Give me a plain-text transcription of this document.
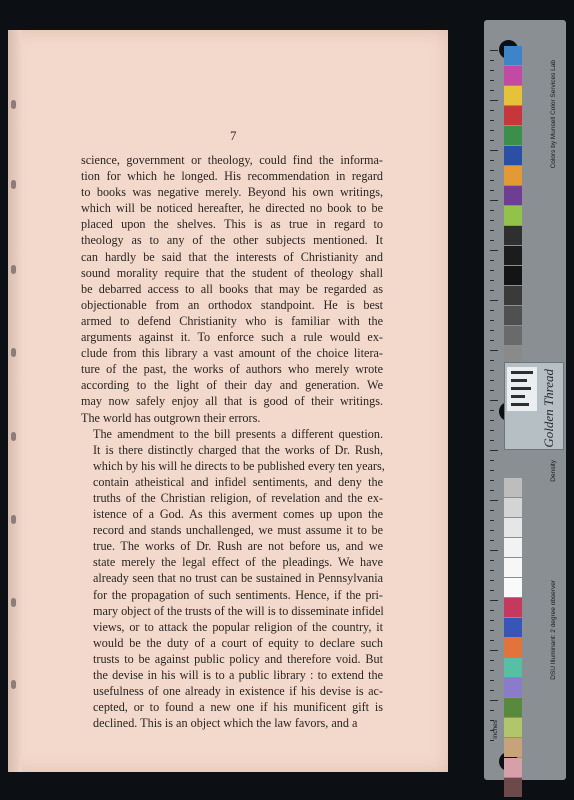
7

science, government or theology, could find the informa-
tion for which he longed. His recommendation in regard
to books was negative merely. Beyond his own writings,
which will be noticed hereafter, he directed no book to be
placed upon the shelves. This is as true in regard to
theology as to any of the other subjects mentioned. It
can hardly be said that the interests of Christianity and
sound morality require that the student of theology shall
be debarred access to all books that may be regarded as
objectionable from an orthodox standpoint. He is best
armed to defend Christianity who is familiar with the
arguments against it. To enforce such a rule would ex-
clude from this library a vast amount of the choice litera-
ture of the past, the works of authors who merely wrote
according to the light of their day and generation. We
may now safely enjoy all that is good of their writings.
The world has outgrown their errors.

The amendment to the bill presents a different question.
It is there distinctly charged that the works of Dr. Rush,
which by his will he directs to be published every ten years,
contain atheistical and infidel sentiments, and deny the
truths of the Christian religion, of revelation and the ex-
istence of a God. As this averment comes up upon the
record and stands unchallenged, we must assume it to be
true. The works of Dr. Rush are not before us, and we
state merely the legal effect of the pleadings. We have
already seen that no trust can be sustained in Pennsylvania
for the propagation of such sentiments. Hence, if the pri-
mary object of the trusts of the will is to disseminate infidel
views, or to attack the popular religion of the country, it
would be the duty of a court of equity to declare such
trusts to be against public policy and therefore void. But
the devise in his will is to a public library : to extend the
usefulness of one already in existence if his devise is ac-
cepted, or to found a new one if his munificent gift is
declined. This is an object which the law favors, and a

Colors by Munsell Color Services Lab
DSU Illuminant: 2 degree observer
Density
inches
Golden Thread
